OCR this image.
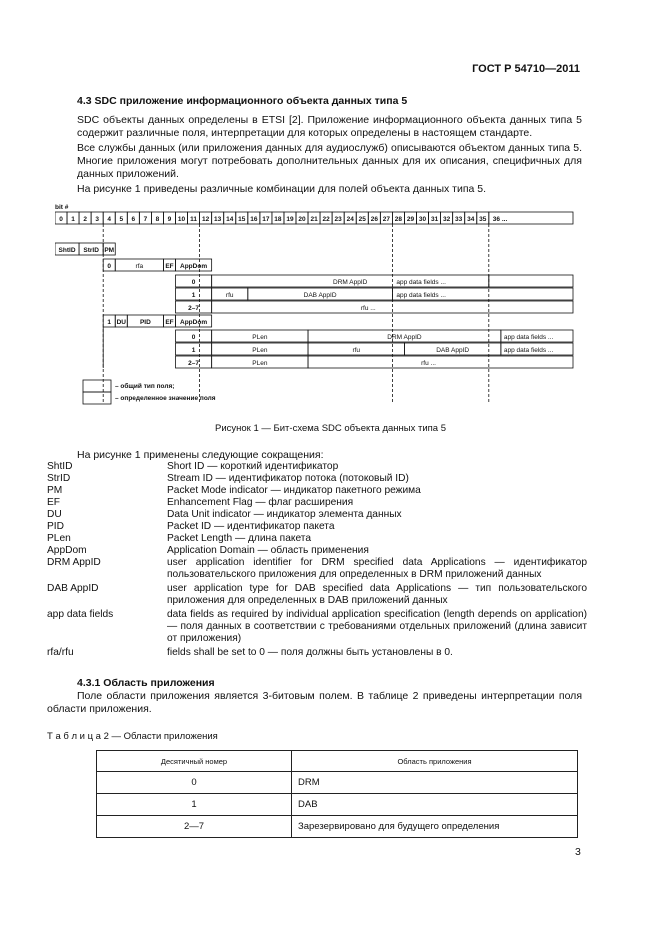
ГОСТ Р 54710—2011
4.3 SDC приложение информационного объекта данных типа 5
SDC объекты данных определены в ETSI [2]. Приложение информационного объекта данных типа 5 содержит различные поля, интерпретации для которых определены в настоящем стандарте.
Все службы данных (или приложения данных для аудиослужб) описываются объектом данных типа 5. Многие приложения могут потребовать дополнительных данных для их описания, специфичных для данных приложений.
На рисунке 1 приведены различные комбинации для полей объекта данных типа 5.
bit #
0 1 2 3 4 5 6 7 8 9 10 11 12 13 14 15 16 17 18 19 20 21 22 23 24 25 26 27 28 29 30 31 32 33 34 35 36 ...
ShtID StrID PM
0	rfa	EF AppDom
0
1
2–7
DRM AppID	app data fields ...
rfu	DAB AppID	app data fields ...
rfu ...
1 DU PID EF AppDom
0	PLen
1	PLen
2–7	PLen
DRM AppID	app data fields ...
rfu	DAB AppID	app data fields ...
rfu ...
– общий тип поля;
– определенное значение поля
Рисунок 1 — Бит-схема SDC объекта данных типа 5
На рисунке 1 применены следующие сокращения:
ShtID	Short ID — короткий идентификатор
StrID	Stream ID — идентификатор потока (потоковый ID)
PM	Packet Mode indicator — индикатор пакетного режима
EF	Enhancement Flag — флаг расширения
DU	Data Unit indicator — индикатор элемента данных
PID	Packet ID — идентификатор пакета
PLen	Packet Length — длина пакета
AppDom	Application Domain — область применения
DRM AppID	user application identifier for DRM specified data Applications — идентификатор пользовательского приложения для определенных в DRM приложений данных
DAB AppID	user application type for DAB specified data Applications — тип пользовательского приложения для определенных в DAB приложений данных
app data fields	data fields as required by individual application specification (length depends on application) — поля данных в соответствии с требованиями отдельных приложений (длина зависит от приложения)
rfa/rfu	fields shall be set to 0 — поля должны быть установлены в 0.
4.3.1 Область приложения
Поле области приложения является 3-битовым полем. В таблице 2 приведены интерпретации поля области приложения.
Т а б л и ц а 2 — Области приложения
Десятичный номер	Область приложения
0	DRM
1	DAB
2—7	Зарезервировано для будущего определения
3
